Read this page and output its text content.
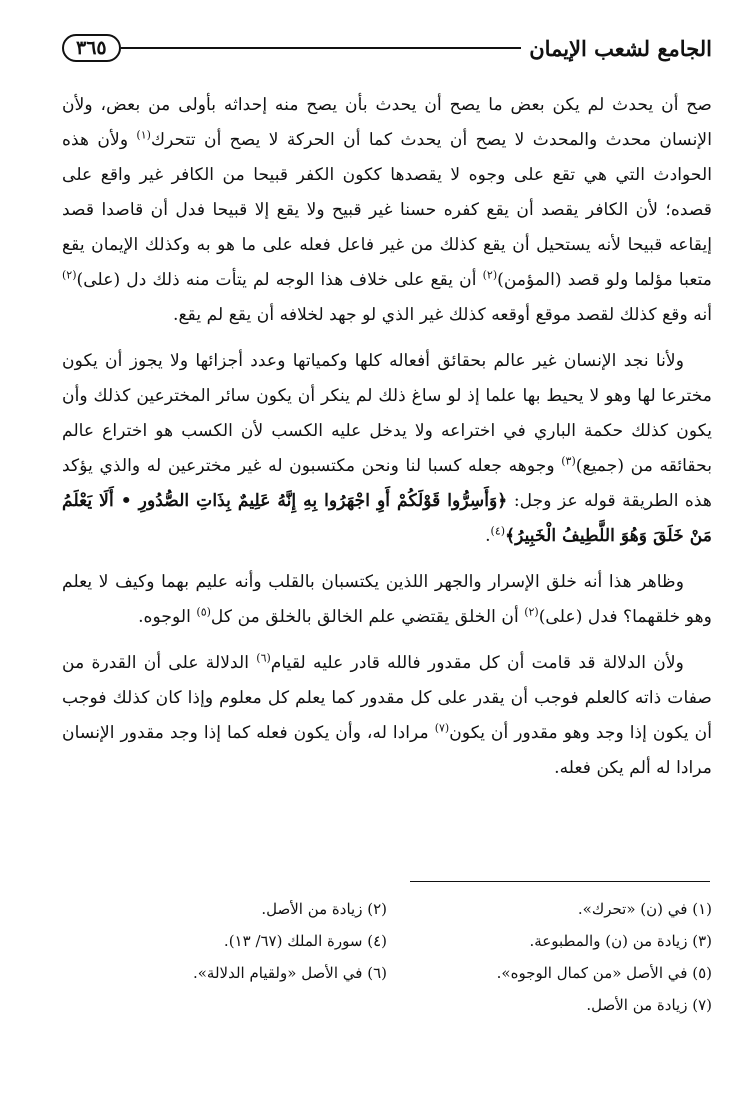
الجامع لشعب الإيمان
٣٦٥

صح أن يحدث لم يكن بعض ما يصح أن يحدث بأن يصح منه إحداثه بأولى من بعض، ولأن الإنسان محدث والمحدث لا يصح أن يحدث كما أن الحركة لا يصح أن تتحرك$^{(١)}$ ولأن هذه الحوادث التي هي تقع على وجوه لا يقصدها ككون الكفر قبيحا من الكافر غير واقع على قصده؛ لأن الكافر يقصد أن يقع كفره حسنا غير قبيح ولا يقع إلا قبيحا فدل أن قاصدا قصد إيقاعه قبيحا لأنه يستحيل أن يقع كذلك من غير فاعل فعله على ما هو به وكذلك الإيمان يقع متعبا مؤلما ولو قصد (المؤمن)$^{(٢)}$ أن يقع على خلاف هذا الوجه لم يتأت منه ذلك دل (على)$^{(٢)}$ أنه وقع كذلك لقصد موقع أوقعه كذلك غير الذي لو جهد لخلافه أن يقع لم يقع.

ولأنا نجد الإنسان غير عالم بحقائق أفعاله كلها وكمياتها وعدد أجزائها ولا يجوز أن يكون مخترعا لها وهو لا يحيط بها علما إذ لو ساغ ذلك لم ينكر أن يكون سائر المخترعين كذلك وأن يكون كذلك حكمة الباري في اختراعه ولا يدخل عليه الكسب لأن الكسب هو اختراع عالم بحقائقه من (جميع)$^{(٣)}$ وجوهه جعله كسبا لنا ونحن مكتسبون له غير مخترعين له والذي يؤكد هذه الطريقة قوله عز وجل: ﴿وَأَسِرُّوا قَوْلَكُمْ أَوِ اجْهَرُوا بِهِ إِنَّهُ عَلِيمٌ بِذَاتِ الصُّدُورِ • أَلَا يَعْلَمُ مَنْ خَلَقَ وَهُوَ اللَّطِيفُ الْخَبِيرُ﴾$^{(٤)}$.

وظاهر هذا أنه خلق الإسرار والجهر اللذين يكتسبان بالقلب وأنه عليم بهما وكيف لا يعلم وهو خلقهما؟ فدل (على)$^{(٢)}$ أن الخلق يقتضي علم الخالق بالخلق من كل$^{(٥)}$ الوجوه.

ولأن الدلالة قد قامت أن كل مقدور فالله قادر عليه لقيام$^{(٦)}$ الدلالة على أن القدرة من صفات ذاته كالعلم فوجب أن يقدر على كل مقدور كما يعلم كل معلوم وإذا كان كذلك فوجب أن يكون إذا وجد وهو مقدور أن يكون$^{(٧)}$ مرادا له، وأن يكون فعله كما إذا وجد مقدور الإنسان مرادا له ألم يكن فعله.

(١) في (ن) «تحرك».
(٢) زيادة من الأصل.
(٣) زيادة من (ن) والمطبوعة.
(٤) سورة الملك (٦٧/ ١٣).
(٥) في الأصل «من كمال الوجوه».
(٦) في الأصل «ولقيام الدلالة».
(٧) زيادة من الأصل.
